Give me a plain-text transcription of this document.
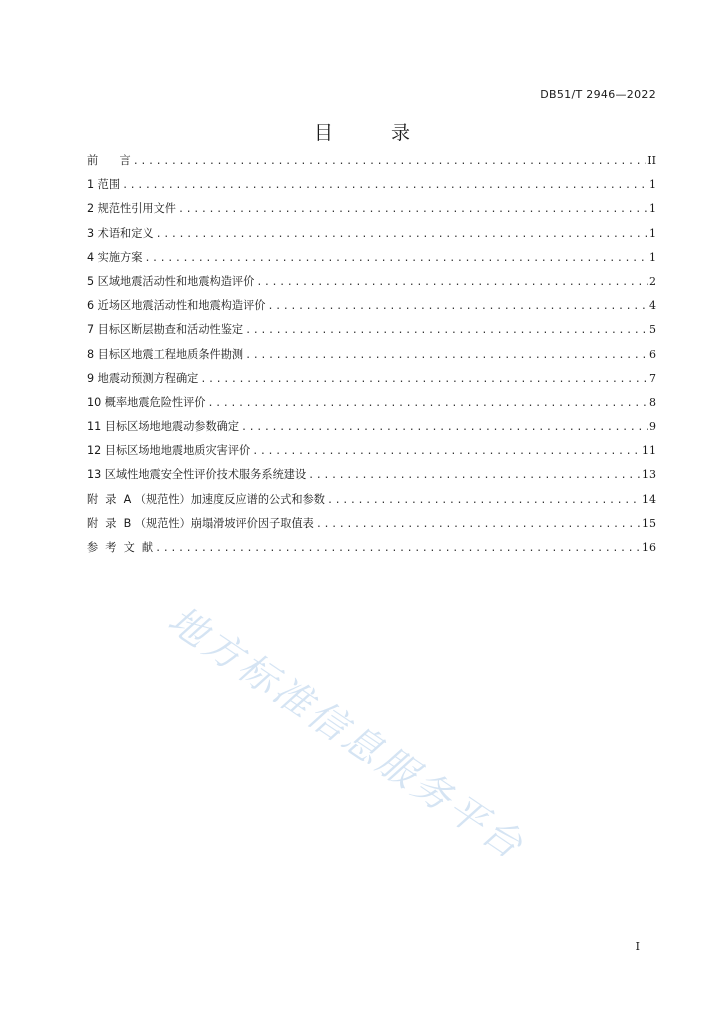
DB51/T 2946—2022
目 录
前      言 .....	II
1 范围 .....	1
2 规范性引用文件 .....	1
3 术语和定义 .....	1
4 实施方案 .....	1
5 区域地震活动性和地震构造评价 .....	2
6 近场区地震活动性和地震构造评价 .....	4
7 目标区断层勘查和活动性鉴定 .....	5
8 目标区地震工程地质条件勘测 .....	6
9 地震动预测方程确定 .....	7
10 概率地震危险性评价 .....	8
11 目标区场地地震动参数确定 .....	9
12 目标区场地地震地质灾害评价 .....	11
13 区域性地震安全性评价技术服务系统建设 .....	13
附  录  A （规范性）加速度反应谱的公式和参数 .....	14
附  录  B （规范性）崩塌滑坡评价因子取值表 .....	15
参  考  文  献 .....	16
地方标准信息服务平台
I
